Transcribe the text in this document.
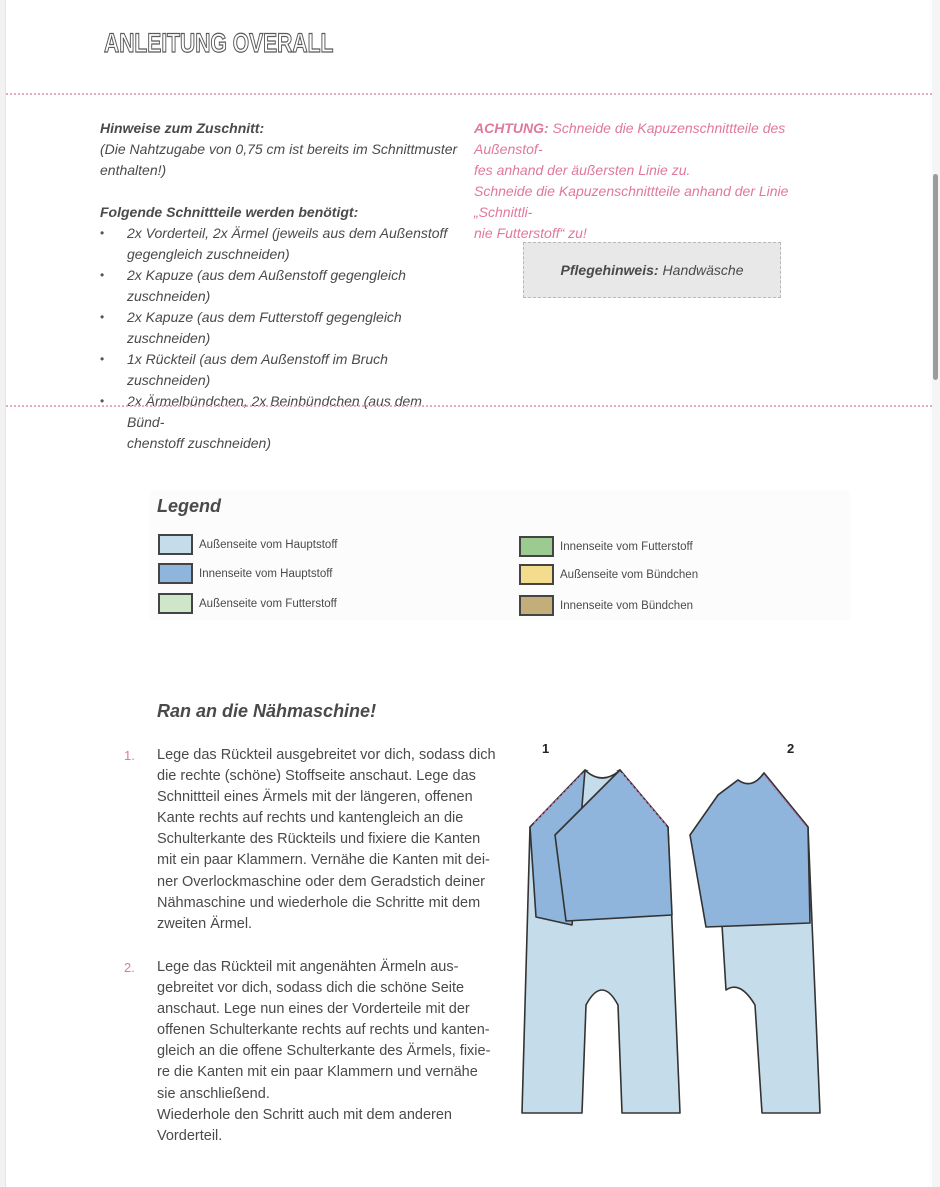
ANLEITUNG OVERALL
Hinweise zum Zuschnitt:
(Die Nahtzugabe von 0,75 cm ist bereits im Schnittmuster
enthalten!)
Folgende Schnittteile werden benötigt:
• 2x Vorderteil, 2x Ärmel (jeweils aus dem Außenstoff
gegengleich zuschneiden)
• 2x Kapuze (aus dem Außenstoff gegengleich zuschneiden)
• 2x Kapuze (aus dem Futterstoff gegengleich zuschneiden)
• 1x Rückteil (aus dem Außenstoff im Bruch zuschneiden)
• 2x Ärmelbündchen, 2x Beinbündchen (aus dem Bünd-
chenstoff zuschneiden)
ACHTUNG: Schneide die Kapuzenschnittteile des Außenstof-
fes anhand der äußersten Linie zu.
Schneide die Kapuzenschnittteile anhand der Linie „Schnittli-
nie Futterstoff“ zu!
Pflegehinweis: Handwäsche
Legend
Außenseite vom Hauptstoff
Innenseite vom Hauptstoff
Außenseite vom Futterstoff
Innenseite vom Futterstoff
Außenseite vom Bündchen
Innenseite vom Bündchen
Ran an die Nähmaschine!
1. Lege das Rückteil ausgebreitet vor dich, sodass dich
die rechte (schöne) Stoffseite anschaut. Lege das
Schnittteil eines Ärmels mit der längeren, offenen
Kante rechts auf rechts und kantengleich an die
Schulterkante des Rückteils und fixiere die Kanten
mit ein paar Klammern. Vernähe die Kanten mit dei-
ner Overlockmaschine oder dem Geradstich deiner
Nähmaschine und wiederhole die Schritte mit dem
zweiten Ärmel.
2. Lege das Rückteil mit angenähten Ärmeln aus-
gebreitet vor dich, sodass dich die schöne Seite
anschaut. Lege nun eines der Vorderteile mit der
offenen Schulterkante rechts auf rechts und kanten-
gleich an die offene Schulterkante des Ärmels, fixie-
re die Kanten mit ein paar Klammern und vernähe
sie anschließend.
Wiederhole den Schritt auch mit dem anderen
Vorderteil.
1	2
